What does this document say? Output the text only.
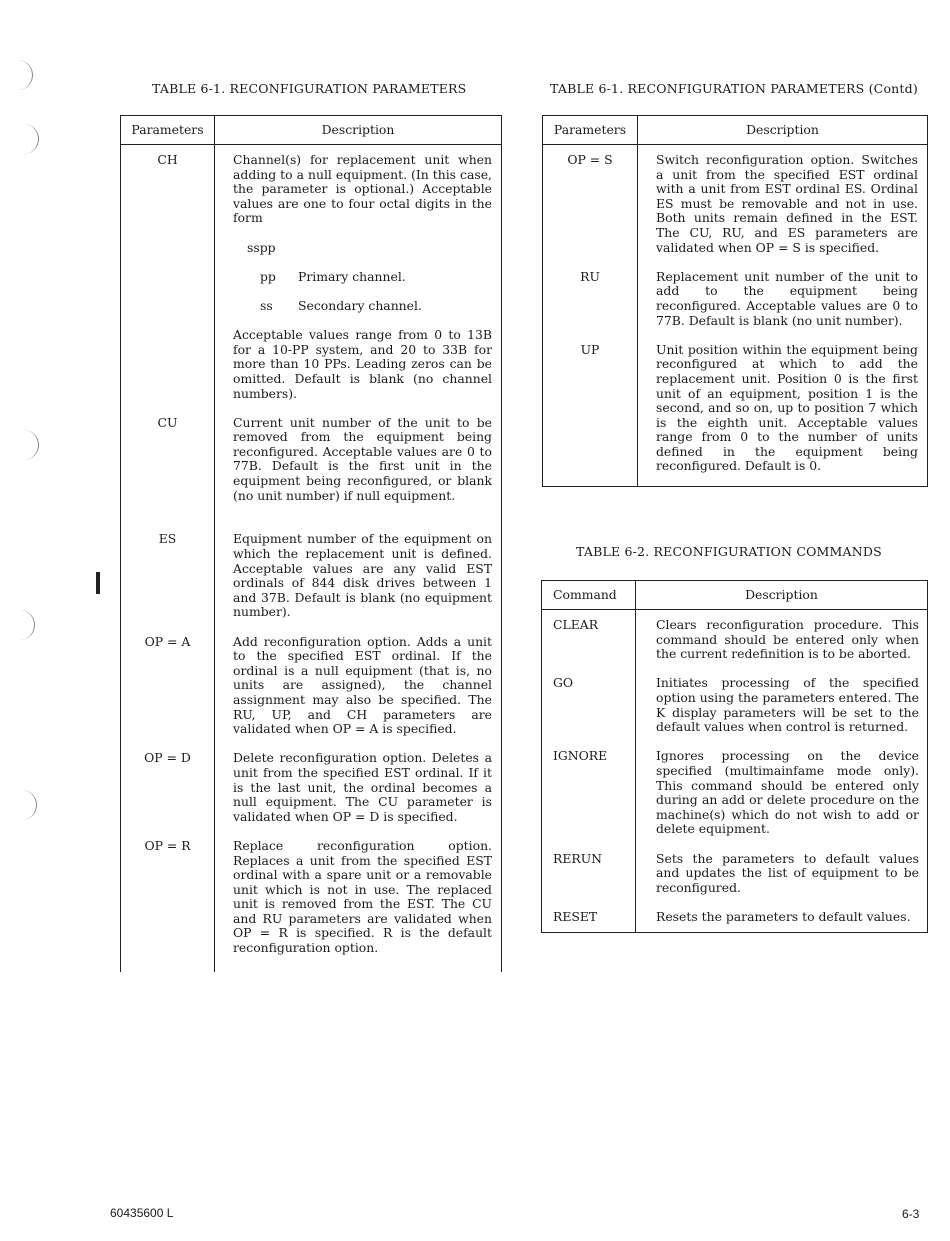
TABLE 6-1. RECONFIGURATION PARAMETERS
Parameters	Description
CH	Channel(s) for replacement unit when adding to a null equipment. (In this case, the parameter is optional.) Acceptable values are one to four octal digits in the form

sspp

pp Primary channel.

ss Secondary channel.

Acceptable values range from 0 to 13B for a 10-PP system, and 20 to 33B for more than 10 PPs. Leading zeros can be omitted. Default is blank (no channel numbers).

CU	Current unit number of the unit to be removed from the equipment being reconfigured. Acceptable values are 0 to 77B. Default is the first unit in the equipment being reconfigured, or blank (no unit number) if null equipment.

ES	Equipment number of the equipment on which the replacement unit is defined. Acceptable values are any valid EST ordinals of 844 disk drives between 1 and 37B. Default is blank (no equipment number).

OP = A	Add reconfiguration option. Adds a unit to the specified EST ordinal. If the ordinal is a null equipment (that is, no units are assigned), the channel assignment may also be specified. The RU, UP, and CH parameters are validated when OP = A is specified.

OP = D	Delete reconfiguration option. Deletes a unit from the specified EST ordinal. If it is the last unit, the ordinal becomes a null equipment. The CU parameter is validated when OP = D is specified.

OP = R	Replace reconfiguration option. Replaces a unit from the specified EST ordinal with a spare unit or a removable unit which is not in use. The replaced unit is removed from the EST. The CU and RU parameters are validated when OP = R is specified. R is the default reconfiguration option.

TABLE 6-1. RECONFIGURATION PARAMETERS (Contd)
Parameters	Description
OP = S	Switch reconfiguration option. Switches a unit from the specified EST ordinal with a unit from EST ordinal ES. Ordinal ES must be removable and not in use. Both units remain defined in the EST. The CU, RU, and ES parameters are validated when OP = S is specified.

RU	Replacement unit number of the unit to add to the equipment being reconfigured. Acceptable values are 0 to 77B. Default is blank (no unit number).

UP	Unit position within the equipment being reconfigured at which to add the replacement unit. Position 0 is the first unit of an equipment, position 1 is the second, and so on, up to position 7 which is the eighth unit. Acceptable values range from 0 to the number of units defined in the equipment being reconfigured. Default is 0.

TABLE 6-2. RECONFIGURATION COMMANDS
Command	Description
CLEAR	Clears reconfiguration procedure. This command should be entered only when the current redefinition is to be aborted.

GO	Initiates processing of the specified option using the parameters entered. The K display parameters will be set to the default values when control is returned.

IGNORE	Ignores processing on the device specified (multimainfame mode only). This command should be entered only during an add or delete procedure on the machine(s) which do not wish to add or delete equipment.

RERUN	Sets the parameters to default values and updates the list of equipment to be reconfigured.

RESET	Resets the parameters to default values.

60435600 L	6-3
